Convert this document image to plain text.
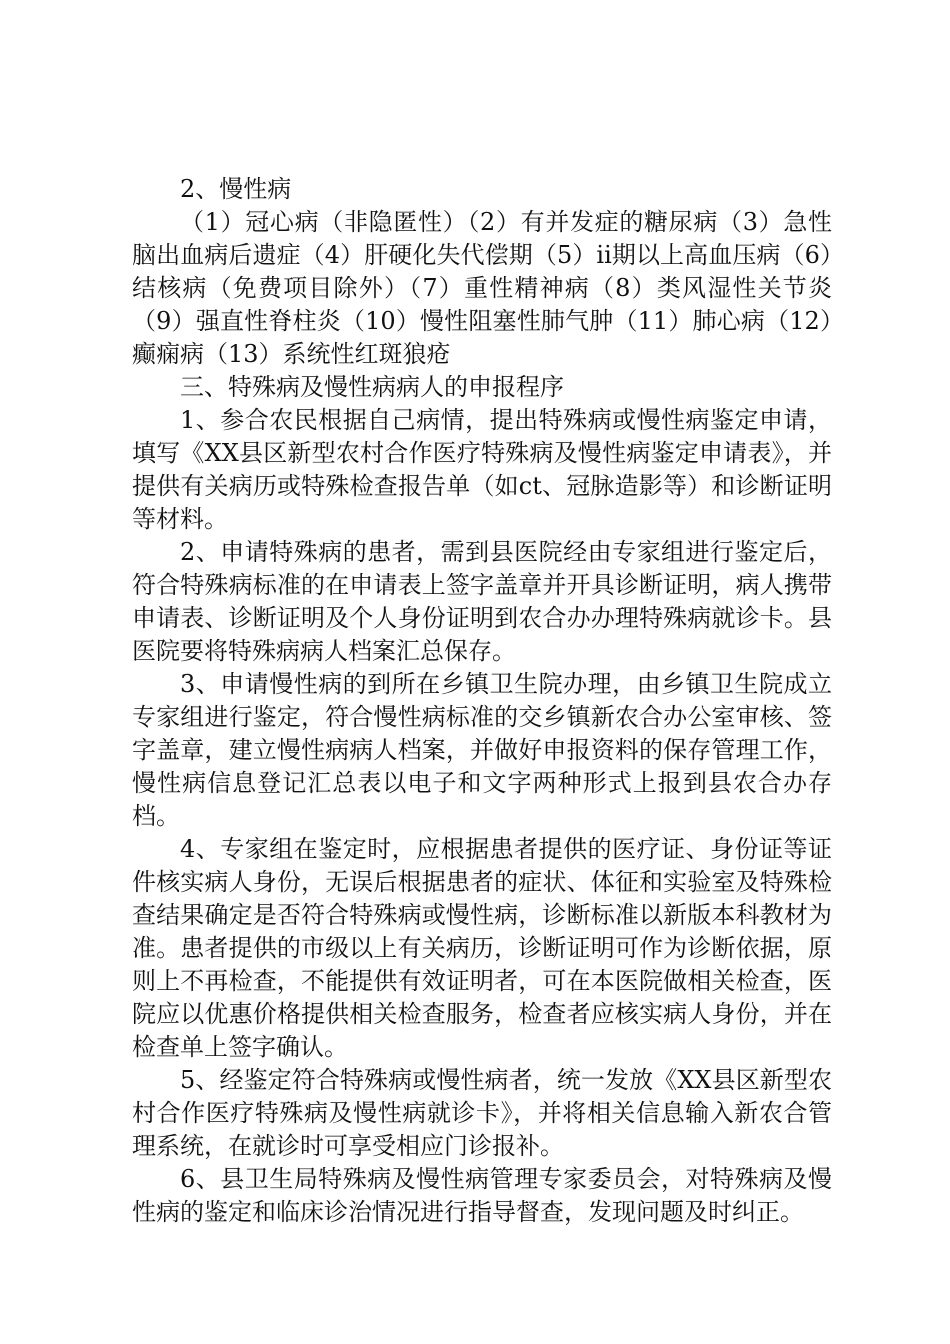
2、慢性病

（1）冠心病（非隐匿性）（2）有并发症的糖尿病（3）急性脑出血病后遗症（4）肝硬化失代偿期（5）ii期以上高血压病（6）结核病（免费项目除外）（7）重性精神病（8）类风湿性关节炎（9）强直性脊柱炎（10）慢性阻塞性肺气肿（11）肺心病（12）癫痫病（13）系统性红斑狼疮

三、特殊病及慢性病病人的申报程序

1、参合农民根据自己病情，提出特殊病或慢性病鉴定申请，填写《XX县区新型农村合作医疗特殊病及慢性病鉴定申请表》，并提供有关病历或特殊检查报告单（如ct、冠脉造影等）和诊断证明等材料。

2、申请特殊病的患者，需到县医院经由专家组进行鉴定后，符合特殊病标准的在申请表上签字盖章并开具诊断证明，病人携带申请表、诊断证明及个人身份证明到农合办办理特殊病就诊卡。县医院要将特殊病病人档案汇总保存。

3、申请慢性病的到所在乡镇卫生院办理，由乡镇卫生院成立专家组进行鉴定，符合慢性病标准的交乡镇新农合办公室审核、签字盖章，建立慢性病病人档案，并做好申报资料的保存管理工作，慢性病信息登记汇总表以电子和文字两种形式上报到县农合办存档。

4、专家组在鉴定时，应根据患者提供的医疗证、身份证等证件核实病人身份，无误后根据患者的症状、体征和实验室及特殊检查结果确定是否符合特殊病或慢性病，诊断标准以新版本科教材为准。患者提供的市级以上有关病历，诊断证明可作为诊断依据，原则上不再检查，不能提供有效证明者，可在本医院做相关检查，医院应以优惠价格提供相关检查服务，检查者应核实病人身份，并在检查单上签字确认。

5、经鉴定符合特殊病或慢性病者，统一发放《XX县区新型农村合作医疗特殊病及慢性病就诊卡》，并将相关信息输入新农合管理系统，在就诊时可享受相应门诊报补。

6、县卫生局特殊病及慢性病管理专家委员会，对特殊病及慢性病的鉴定和临床诊治情况进行指导督查，发现问题及时纠正。
